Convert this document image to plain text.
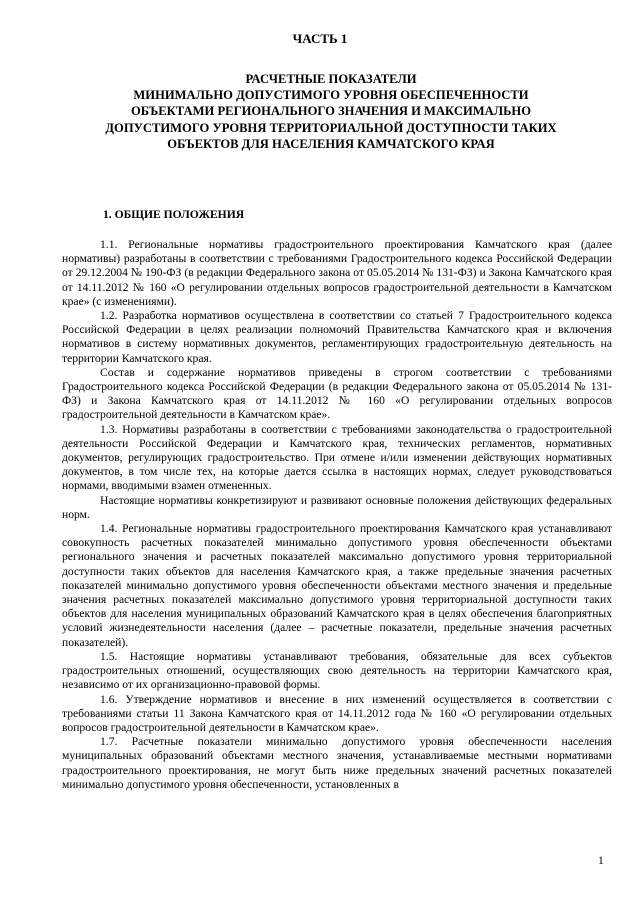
ЧАСТЬ 1
РАСЧЕТНЫЕ ПОКАЗАТЕЛИ
МИНИМАЛЬНО ДОПУСТИМОГО УРОВНЯ ОБЕСПЕЧЕННОСТИ
ОБЪЕКТАМИ РЕГИОНАЛЬНОГО ЗНАЧЕНИЯ И МАКСИМАЛЬНО
ДОПУСТИМОГО УРОВНЯ ТЕРРИТОРИАЛЬНОЙ ДОСТУПНОСТИ ТАКИХ
ОБЪЕКТОВ ДЛЯ НАСЕЛЕНИЯ КАМЧАТСКОГО КРАЯ
1. ОБЩИЕ ПОЛОЖЕНИЯ

1.1. Региональные нормативы градостроительного проектирования Камчатского края (далее нормативы) разработаны в соответствии с требованиями Градостроительного кодекса Российской Федерации от 29.12.2004 № 190-ФЗ (в редакции Федерального закона от 05.05.2014 № 131-ФЗ) и Закона Камчатского края от 14.11.2012 № 160 «О регулировании отдельных вопросов градостроительной деятельности в Камчатском крае» (с изменениями).

1.2. Разработка нормативов осуществлена в соответствии со статьей 7 Градостроительного кодекса Российской Федерации в целях реализации полномочий Правительства Камчатского края и включения нормативов в систему нормативных документов, регламентирующих градостроительную деятельность на территории Камчатского края.

Состав и содержание нормативов приведены в строгом соответствии с требованиями Градостроительного кодекса Российской Федерации (в редакции Федерального закона от 05.05.2014 № 131-ФЗ) и Закона Камчатского края от 14.11.2012 № 160 «О регулировании отдельных вопросов градостроительной деятельности в Камчатском крае».

1.3. Нормативы разработаны в соответствии с требованиями законодательства о градостроительной деятельности Российской Федерации и Камчатского края, технических регламентов, нормативных документов, регулирующих градостроительство. При отмене и/или изменении действующих нормативных документов, в том числе тех, на которые дается ссылка в настоящих нормах, следует руководствоваться нормами, вводимыми взамен отмененных.

Настоящие нормативы конкретизируют и развивают основные положения действующих федеральных норм.

1.4. Региональные нормативы градостроительного проектирования Камчатского края устанавливают совокупность расчетных показателей минимально допустимого уровня обеспеченности объектами регионального значения и расчетных показателей максимально допустимого уровня территориальной доступности таких объектов для населения Камчатского края, а также предельные значения расчетных показателей минимально допустимого уровня обеспеченности объектами местного значения и предельные значения расчетных показателей максимально допустимого уровня территориальной доступности таких объектов для населения муниципальных образований Камчатского края в целях обеспечения благоприятных условий жизнедеятельности населения (далее – расчетные показатели, предельные значения расчетных показателей).

1.5. Настоящие нормативы устанавливают требования, обязательные для всех субъектов градостроительных отношений, осуществляющих свою деятельность на территории Камчатского края, независимо от их организационно-правовой формы.

1.6. Утверждение нормативов и внесение в них изменений осуществляется в соответствии с требованиями статьи 11 Закона Камчатского края от 14.11.2012 года № 160 «О регулировании отдельных вопросов градостроительной деятельности в Камчатском крае».

1.7. Расчетные показатели минимально допустимого уровня обеспеченности населения муниципальных образований объектами местного значения, устанавливаемые местными нормативами градостроительного проектирования, не могут быть ниже предельных значений расчетных показателей минимально допустимого уровня обеспеченности, установленных в

1
